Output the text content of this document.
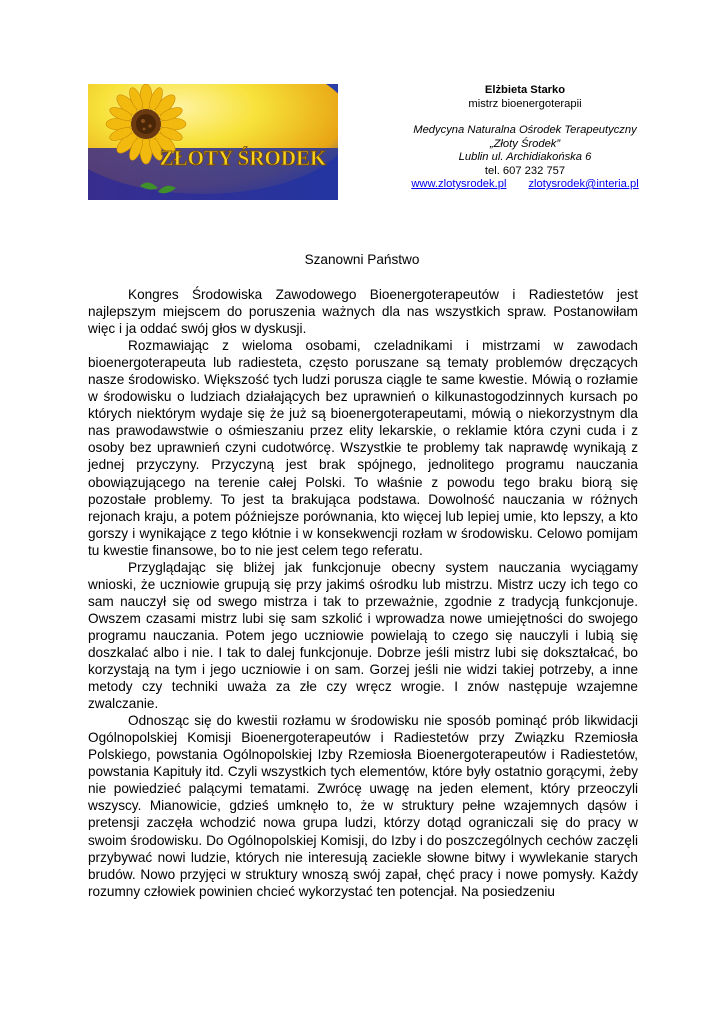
ZŁOTY ŚRODEK
Elżbieta Starko
mistrz bioenergoterapii
Medycyna Naturalna Ośrodek Terapeutyczny
„Złoty Środek”
Lublin ul. Archidiakońska 6
tel. 607 232 757
www.zlotysrodek.pl zlotysrodek@interia.pl
Szanowni Państwo

Kongres Środowiska Zawodowego Bioenergoterapeutów i Radiestetów jest najlepszym miejscem do poruszenia ważnych dla nas wszystkich spraw. Postanowiłam więc i ja oddać swój głos w dyskusji.

Rozmawiając z wieloma osobami, czeladnikami i mistrzami w zawodach bioenergoterapeuta lub radiesteta, często poruszane są tematy problemów dręczących nasze środowisko. Większość tych ludzi porusza ciągle te same kwestie. Mówią o rozłamie w środowisku o ludziach działających bez uprawnień o kilkunastogodzinnych kursach po których niektórym wydaje się że już są bioenergoterapeutami, mówią o niekorzystnym dla nas prawodawstwie o ośmieszaniu przez elity lekarskie, o reklamie która czyni cuda i z osoby bez uprawnień czyni cudotwórcę. Wszystkie te problemy tak naprawdę wynikają z jednej przyczyny. Przyczyną jest brak spójnego, jednolitego programu nauczania obowiązującego na terenie całej Polski. To właśnie z powodu tego braku biorą się pozostałe problemy. To jest ta brakująca podstawa. Dowolność nauczania w różnych rejonach kraju, a potem późniejsze porównania, kto więcej lub lepiej umie, kto lepszy, a kto gorszy i wynikające z tego kłótnie i w konsekwencji rozłam w środowisku. Celowo pomijam tu kwestie finansowe, bo to nie jest celem tego referatu.

Przyglądając się bliżej jak funkcjonuje obecny system nauczania wyciągamy wnioski, że uczniowie grupują się przy jakimś ośrodku lub mistrzu. Mistrz uczy ich tego co sam nauczył się od swego mistrza i tak to przeważnie, zgodnie z tradycją funkcjonuje. Owszem czasami mistrz lubi się sam szkolić i wprowadza nowe umiejętności do swojego programu nauczania. Potem jego uczniowie powielają to czego się nauczyli i lubią się doszkalać albo i nie. I tak to dalej funkcjonuje. Dobrze jeśli mistrz lubi się dokształcać, bo korzystają na tym i jego uczniowie i on sam. Gorzej jeśli nie widzi takiej potrzeby, a inne metody czy techniki uważa za złe czy wręcz wrogie. I znów następuje wzajemne zwalczanie.

Odnosząc się do kwestii rozłamu w środowisku nie sposób pominąć prób likwidacji Ogólnopolskiej Komisji Bioenergoterapeutów i Radiestetów przy Związku Rzemiosła Polskiego, powstania Ogólnopolskiej Izby Rzemiosła Bioenergoterapeutów i Radiestetów, powstania Kapituły itd. Czyli wszystkich tych elementów, które były ostatnio gorącymi, żeby nie powiedzieć palącymi tematami. Zwrócę uwagę na jeden element, który przeoczyli wszyscy. Mianowicie, gdzieś umknęło to, że w struktury pełne wzajemnych dąsów i pretensji zaczęła wchodzić nowa grupa ludzi, którzy dotąd ograniczali się do pracy w swoim środowisku. Do Ogólnopolskiej Komisji, do Izby i do poszczególnych cechów zaczęli przybywać nowi ludzie, których nie interesują zaciekle słowne bitwy i wywlekanie starych brudów. Nowo przyjęci w struktury wnoszą swój zapał, chęć pracy i nowe pomysły. Każdy rozumny człowiek powinien chcieć wykorzystać ten potencjał. Na posiedzeniu
